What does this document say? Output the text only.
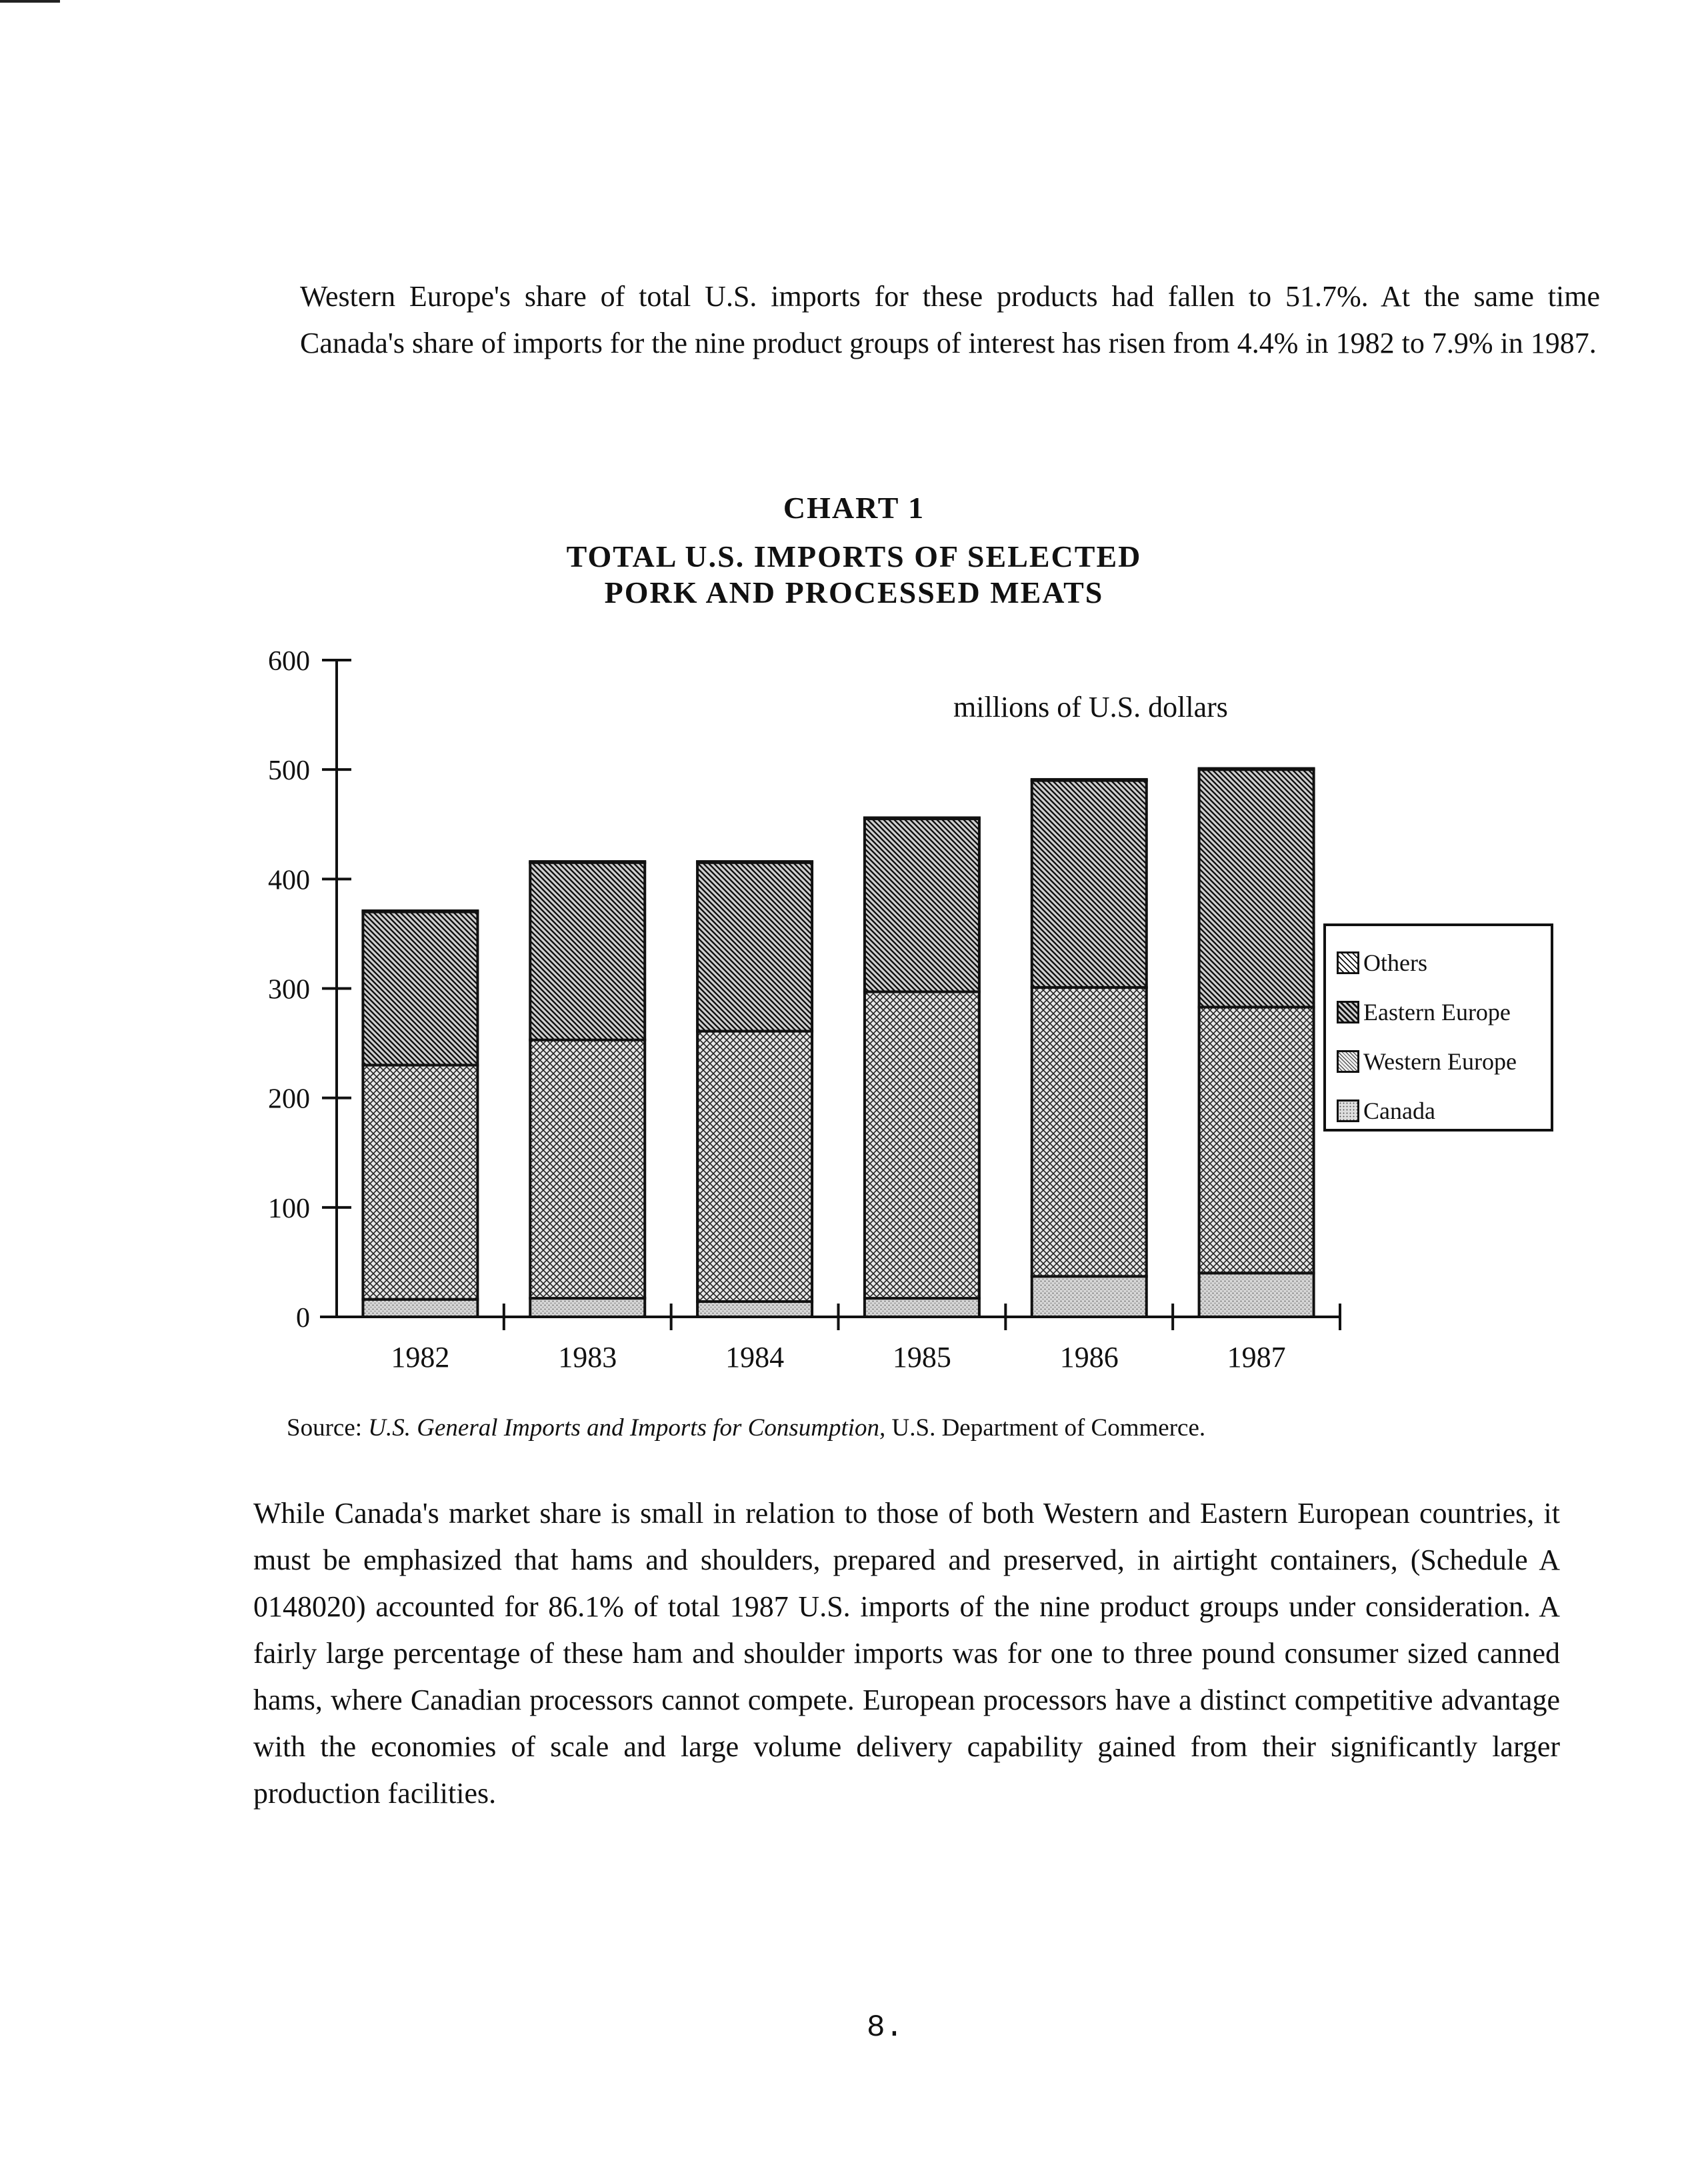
Western Europe's share of total U.S. imports for these products had fallen to 51.7%. At the same time Canada's share of imports for the nine product groups of interest has risen from 4.4% in 1982 to 7.9% in 1987.

CHART 1

TOTAL U.S. IMPORTS OF SELECTED

PORK AND PROCESSED MEATS

millions of U.S. dollars
0
100
200
300
400
500
600
1982	1983	1984	1985	1986	1987
Others
Eastern Europe
Western Europe
Canada

Source: U.S. General Imports and Imports for Consumption, U.S. Department of Commerce.

While Canada's market share is small in relation to those of both Western and Eastern European countries, it must be emphasized that hams and shoulders, prepared and preserved, in airtight containers, (Schedule A 0148020) accounted for 86.1% of total 1987 U.S. imports of the nine product groups under consideration. A fairly large percentage of these ham and shoulder imports was for one to three pound consumer sized canned hams, where Canadian processors cannot compete. European processors have a distinct competitive advantage with the economies of scale and large volume delivery capability gained from their significantly larger production facilities.

8.
